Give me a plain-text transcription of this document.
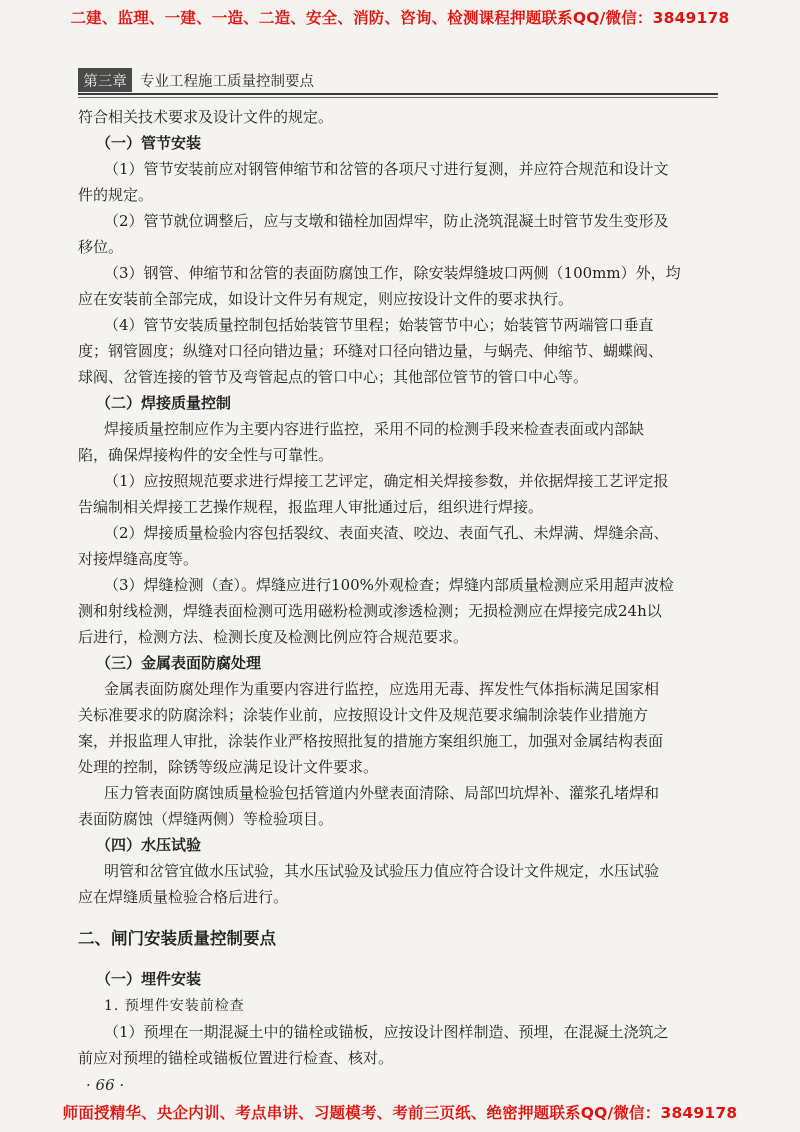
二建、监理、一建、一造、二造、安全、消防、咨询、检测课程押题联系QQ/微信：3849178
第三章 专业工程施工质量控制要点
符合相关技术要求及设计文件的规定。
（一）管节安装
（1）管节安装前应对钢管伸缩节和岔管的各项尺寸进行复测，并应符合规范和设计文
件的规定。
（2）管节就位调整后，应与支墩和锚栓加固焊牢，防止浇筑混凝土时管节发生变形及
移位。
（3）钢管、伸缩节和岔管的表面防腐蚀工作，除安装焊缝坡口两侧（100mm）外，均
应在安装前全部完成，如设计文件另有规定，则应按设计文件的要求执行。
（4）管节安装质量控制包括始装管节里程；始装管节中心；始装管节两端管口垂直
度；钢管圆度；纵缝对口径向错边量；环缝对口径向错边量，与蜗壳、伸缩节、蝴蝶阀、
球阀、岔管连接的管节及弯管起点的管口中心；其他部位管节的管口中心等。
（二）焊接质量控制
焊接质量控制应作为主要内容进行监控，采用不同的检测手段来检查表面或内部缺
陷，确保焊接构件的安全性与可靠性。
（1）应按照规范要求进行焊接工艺评定，确定相关焊接参数，并依据焊接工艺评定报
告编制相关焊接工艺操作规程，报监理人审批通过后，组织进行焊接。
（2）焊接质量检验内容包括裂纹、表面夹渣、咬边、表面气孔、未焊满、焊缝余高、
对接焊缝高度等。
（3）焊缝检测（查）。焊缝应进行100%外观检查；焊缝内部质量检测应采用超声波检
测和射线检测，焊缝表面检测可选用磁粉检测或渗透检测；无损检测应在焊接完成24h以
后进行，检测方法、检测长度及检测比例应符合规范要求。
（三）金属表面防腐处理
金属表面防腐处理作为重要内容进行监控，应选用无毒、挥发性气体指标满足国家相
关标准要求的防腐涂料；涂装作业前，应按照设计文件及规范要求编制涂装作业措施方
案，并报监理人审批，涂装作业严格按照批复的措施方案组织施工，加强对金属结构表面
处理的控制，除锈等级应满足设计文件要求。
压力管表面防腐蚀质量检验包括管道内外壁表面清除、局部凹坑焊补、灌浆孔堵焊和
表面防腐蚀（焊缝两侧）等检验项目。
（四）水压试验
明管和岔管宜做水压试验，其水压试验及试验压力值应符合设计文件规定，水压试验
应在焊缝质量检验合格后进行。
二、闸门安装质量控制要点
（一）埋件安装
1. 预埋件安装前检查
（1）预埋在一期混凝土中的锚栓或锚板，应按设计图样制造、预埋，在混凝土浇筑之
前应对预埋的锚栓或锚板位置进行检查、核对。
· 66 ·
师面授精华、央企内训、考点串讲、习题模考、考前三页纸、绝密押题联系QQ/微信：3849178
